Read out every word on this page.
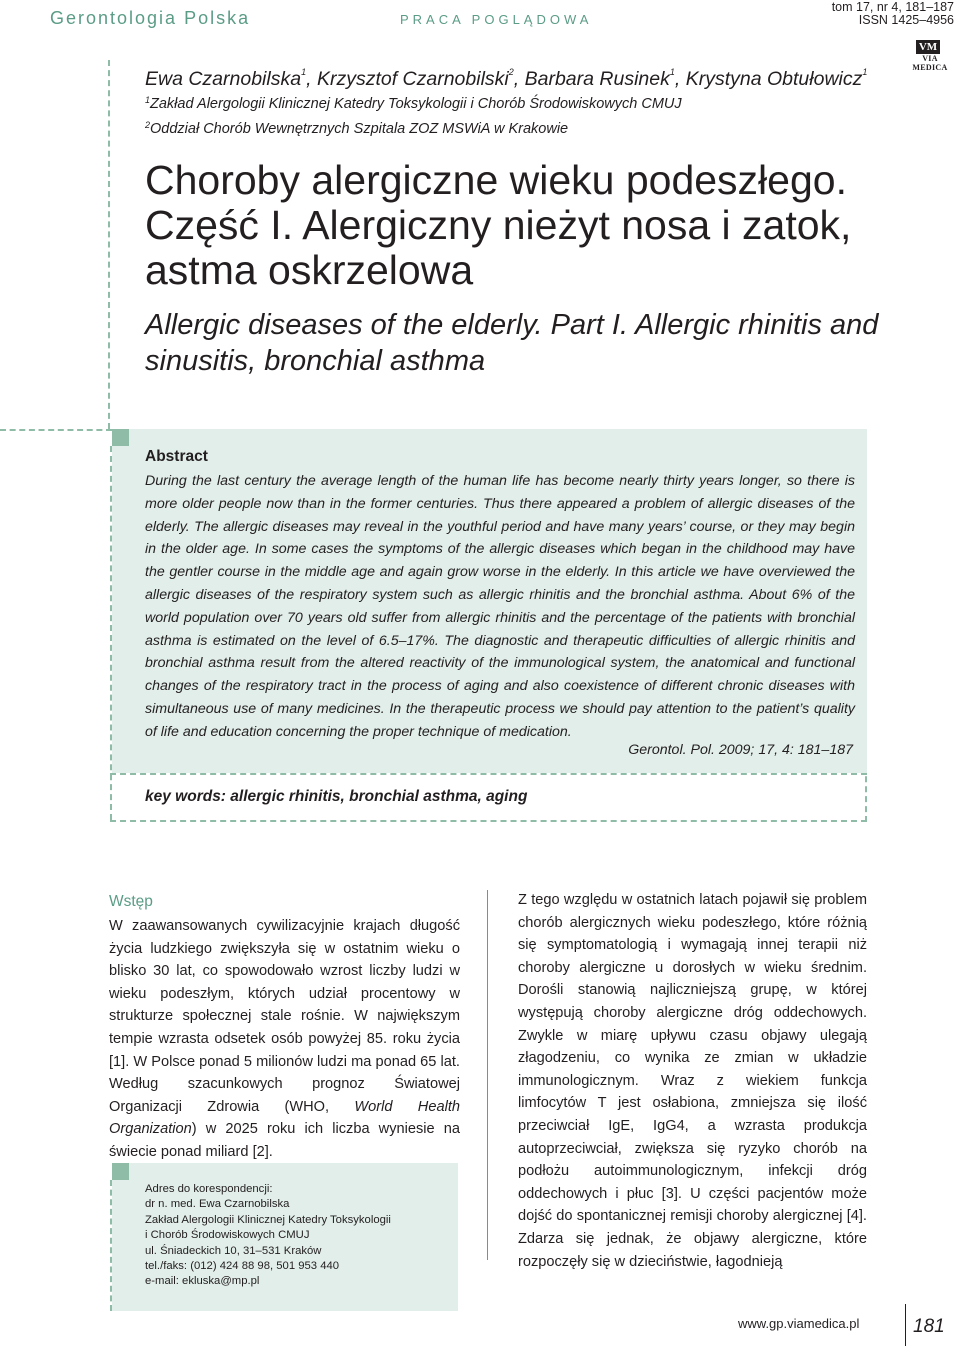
Gerontologia Polska	PRACA POGLĄDOWA
tom 17, nr 4, 181–187
ISSN 1425–4956
VM
VIA MEDICA
Ewa Czarnobilska$^1$, Krzysztof Czarnobilski$^2$, Barbara Rusinek$^1$, Krystyna Obtułowicz$^1$
$^1$Zakład Alergologii Klinicznej Katedry Toksykologii i Chorób Środowiskowych CMUJ
$^2$Oddział Chorób Wewnętrznych Szpitala ZOZ MSWiA w Krakowie
Choroby alergiczne wieku podeszłego. Część I. Alergiczny nieżyt nosa i zatok, astma oskrzelowa
Allergic diseases of the elderly. Part I. Allergic rhinitis and sinusitis, bronchial asthma
Abstract
During the last century the average length of the human life has become nearly thirty years longer, so there is more older people now than in the former centuries. Thus there appeared a problem of allergic diseases of the elderly. The allergic diseases may reveal in the youthful period and have many years’ course, or they may begin in the older age. In some cases the symptoms of the allergic diseases which began in the childhood may have the gentler course in the middle age and again grow worse in the elderly. In this article we have overviewed the allergic diseases of the respiratory system such as allergic rhinitis and the bronchial asthma. About 6% of the world population over 70 years old suffer from allergic rhinitis and the percentage of the patients with bronchial asthma is estimated on the level of 6.5–17%. The diagnostic and therapeutic difficulties of allergic rhinitis and bronchial asthma result from the altered reactivity of the immunological system, the anatomical and functional changes of the respiratory tract in the process of aging and also coexistence of different chronic diseases with simultaneous use of many medicines. In the therapeutic process we should pay attention to the patient’s quality of life and education concerning the proper technique of medication.
Gerontol. Pol. 2009; 17, 4: 181–187
key words: allergic rhinitis, bronchial asthma, aging
Wstęp
W zaawansowanych cywilizacyjnie krajach długość życia ludzkiego zwiększyła się w ostatnim wieku o blisko 30 lat, co spowodowało wzrost liczby ludzi w wieku podeszłym, których udział procentowy w strukturze społecznej stale rośnie. W największym tempie wzrasta odsetek osób powyżej 85. roku życia [1]. W Polsce ponad 5 milionów ludzi ma ponad 65 lat. Według szacunkowych prognoz Światowej Organizacji Zdrowia (WHO, World Health Organization) w 2025 roku ich liczba wyniesie na świecie ponad miliard [2].
Z tego względu w ostatnich latach pojawił się problem chorób alergicznych wieku podeszłego, które różnią się symptomatologią i wymagają innej terapii niż choroby alergiczne u dorosłych w wieku średnim. Dorośli stanowią najliczniejszą grupę, w której występują choroby alergiczne dróg oddechowych. Zwykle w miarę upływu czasu objawy ulegają złagodzeniu, co wynika ze zmian w układzie immunologicznym. Wraz z wiekiem funkcja limfocytów T jest osłabiona, zmniejsza się ilość przeciwciał IgE, IgG4, a wzrasta produkcja autoprzeciwciał, zwiększa się ryzyko chorób na podłożu autoimmunologicznym, infekcji dróg oddechowych i płuc [3]. U części pacjentów może dojść do spontanicznej remisji choroby alergicznej [4]. Zdarza się jednak, że objawy alergiczne, które rozpoczęły się w dzieciństwie, łagodnieją
Adres do korespondencji:
dr n. med. Ewa Czarnobilska
Zakład Alergologii Klinicznej Katedry Toksykologii
i Chorób Środowiskowych CMUJ
ul. Śniadeckich 10, 31–531 Kraków
tel./faks: (012) 424 88 98, 501 953 440
e-mail: ekluska@mp.pl
www.gp.viamedica.pl	181
